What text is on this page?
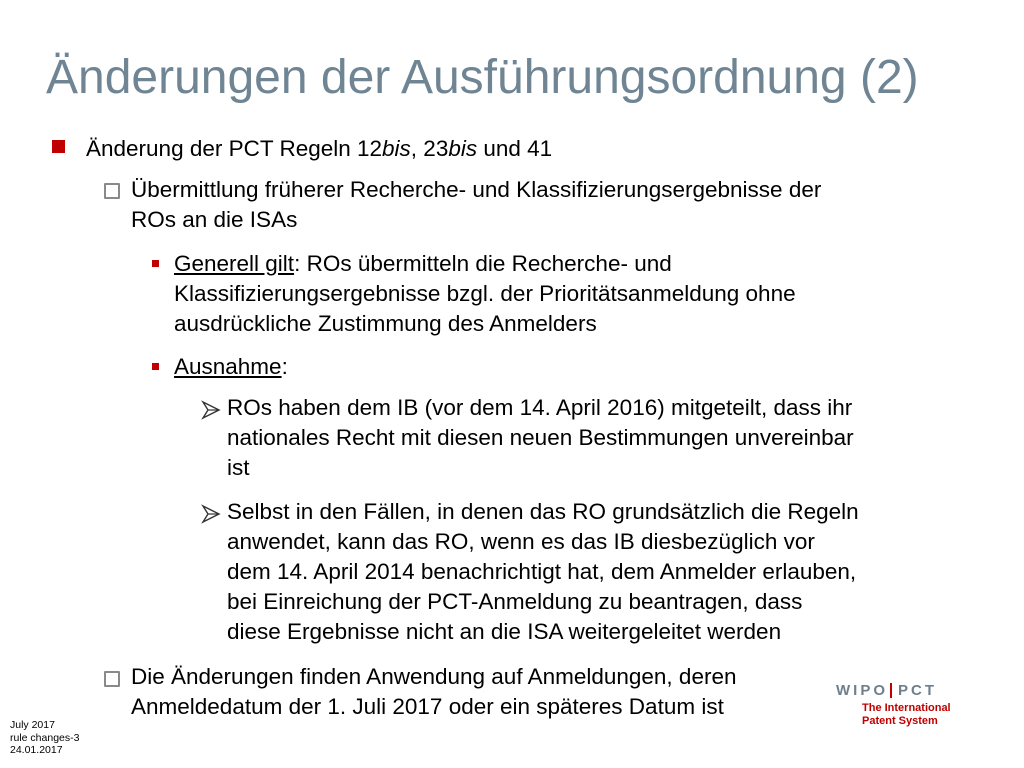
Änderungen der Ausführungsordnung (2)

Änderung der PCT Regeln 12bis, 23bis und 41

Übermittlung früherer Recherche- und Klassifizierungsergebnisse der

ROs an die ISAs

Generell gilt: ROs übermitteln die Recherche- und

Klassifizierungsergebnisse bzgl. der Prioritätsanmeldung ohne

ausdrückliche Zustimmung des Anmelders

Ausnahme:

ROs haben dem IB (vor dem 14. April 2016) mitgeteilt, dass ihr

nationales Recht mit diesen neuen Bestimmungen unvereinbar

ist

Selbst in den Fällen, in denen das RO grundsätzlich die Regeln

anwendet, kann das RO, wenn es das IB diesbezüglich vor

dem 14. April 2014 benachrichtigt hat, dem Anmelder erlauben,

bei Einreichung der PCT-Anmeldung zu beantragen, dass

diese Ergebnisse nicht an die ISA weitergeleitet werden

Die Änderungen finden Anwendung auf Anmeldungen, deren

Anmeldedatum der 1. Juli 2017 oder ein späteres Datum ist

July 2017
rule changes-3
24.01.2017
WIPO PCT
The International
Patent System
